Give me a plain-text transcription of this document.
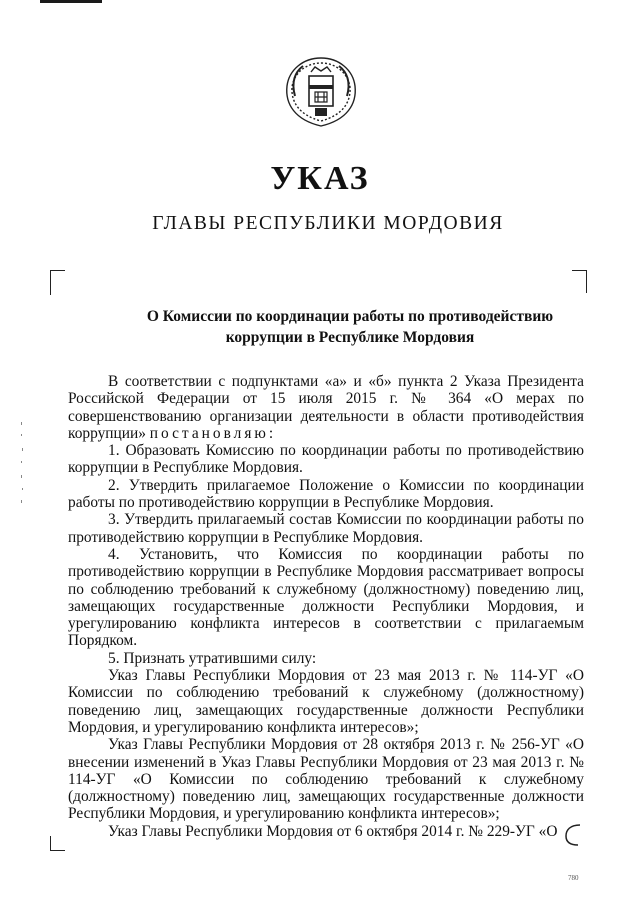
УКАЗ
ГЛАВЫ РЕСПУБЛИКИ МОРДОВИЯ
О Комиссии по координации работы по противодействию
коррупции в Республике Мордовия

В соответствии с подпунктами «а» и «б» пункта 2 Указа Президента Российской Федерации от 15 июля 2015 г. № 364 «О мерах по совершенствованию организации деятельности в области противодействия коррупции» постановляю:

1. Образовать Комиссию по координации работы по противодействию коррупции в Республике Мордовия.

2. Утвердить прилагаемое Положение о Комиссии по координации работы по противодействию коррупции в Республике Мордовия.

3. Утвердить прилагаемый состав Комиссии по координации работы по противодействию коррупции в Республике Мордовия.

4. Установить, что Комиссия по координации работы по противодействию коррупции в Республике Мордовия рассматривает вопросы по соблюдению требований к служебному (должностному) поведению лиц, замещающих государственные должности Республики Мордовия, и урегулированию конфликта интересов в соответствии с прилагаемым Порядком.

5. Признать утратившими силу:

Указ Главы Республики Мордовия от 23 мая 2013 г. № 114-УГ «О Комиссии по соблюдению требований к служебному (должностному) поведению лиц, замещающих государственные должности Республики Мордовия, и урегулированию конфликта интересов»;

Указ Главы Республики Мордовия от 28 октября 2013 г. № 256-УГ «О внесении изменений в Указ Главы Республики Мордовия от 23 мая 2013 г. № 114-УГ «О Комиссии по соблюдению требований к служебному (должностному) поведению лиц, замещающих государственные должности Республики Мордовия, и урегулированию конфликта интересов»;

Указ Главы Республики Мордовия от 6 октября 2014 г. № 229-УГ «О

780
